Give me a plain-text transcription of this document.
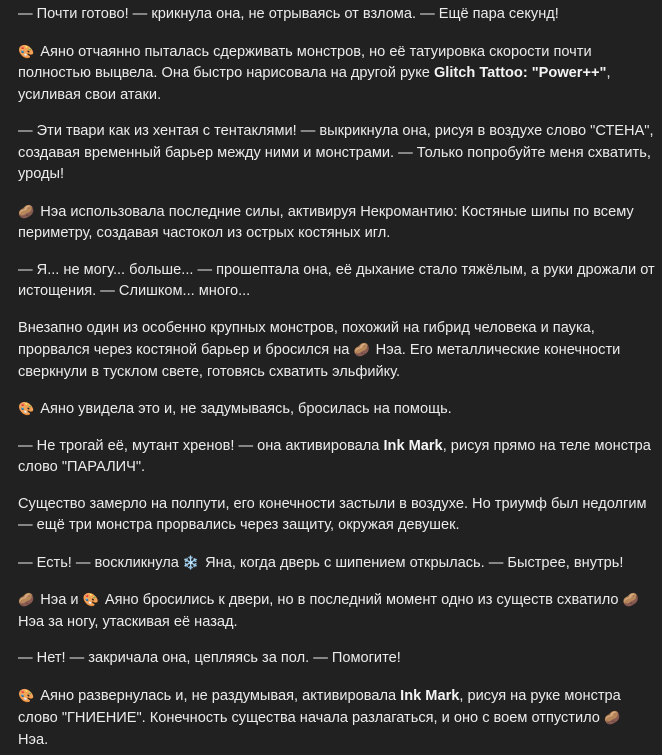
— Почти готово! — крикнула она, не отрываясь от взлома. — Ещё пара секунд!

🎨 Аяно отчаянно пыталась сдерживать монстров, но её татуировка скорости почти полностью выцвела. Она быстро нарисовала на другой руке Glitch Tattoo: "Power++", усиливая свои атаки.

— Эти твари как из хентая с тентаклями! — выкрикнула она, рисуя в воздухе слово "СТЕНА", создавая временный барьер между ними и монстрами. — Только попробуйте меня схватить, уроды!

🥔 Нэа использовала последние силы, активируя Некромантию: Костяные шипы по всему периметру, создавая частокол из острых костяных игл.

— Я... не могу... больше... — прошептала она, её дыхание стало тяжёлым, а руки дрожали от истощения. — Слишком... много...

Внезапно один из особенно крупных монстров, похожий на гибрид человека и паука, прорвался через костяной барьер и бросился на 🥔 Нэа. Его металлические конечности сверкнули в тусклом свете, готовясь схватить эльфийку.

🎨 Аяно увидела это и, не задумываясь, бросилась на помощь.

— Не трогай её, мутант хренов! — она активировала Ink Mark, рисуя прямо на теле монстра слово "ПАРАЛИЧ".

Существо замерло на полпути, его конечности застыли в воздухе. Но триумф был недолгим — ещё три монстра прорвались через защиту, окружая девушек.

— Есть! — воскликнула ❄️ Яна, когда дверь с шипением открылась. — Быстрее, внутрь!

🥔 Нэа и 🎨 Аяно бросились к двери, но в последний момент одно из существ схватило 🥔 Нэа за ногу, утаскивая её назад.

— Нет! — закричала она, цепляясь за пол. — Помогите!

🎨 Аяно развернулась и, не раздумывая, активировала Ink Mark, рисуя на руке монстра слово "ГНИЕНИЕ". Конечность существа начала разлагаться, и оно с воем отпустило 🥔 Нэа.
